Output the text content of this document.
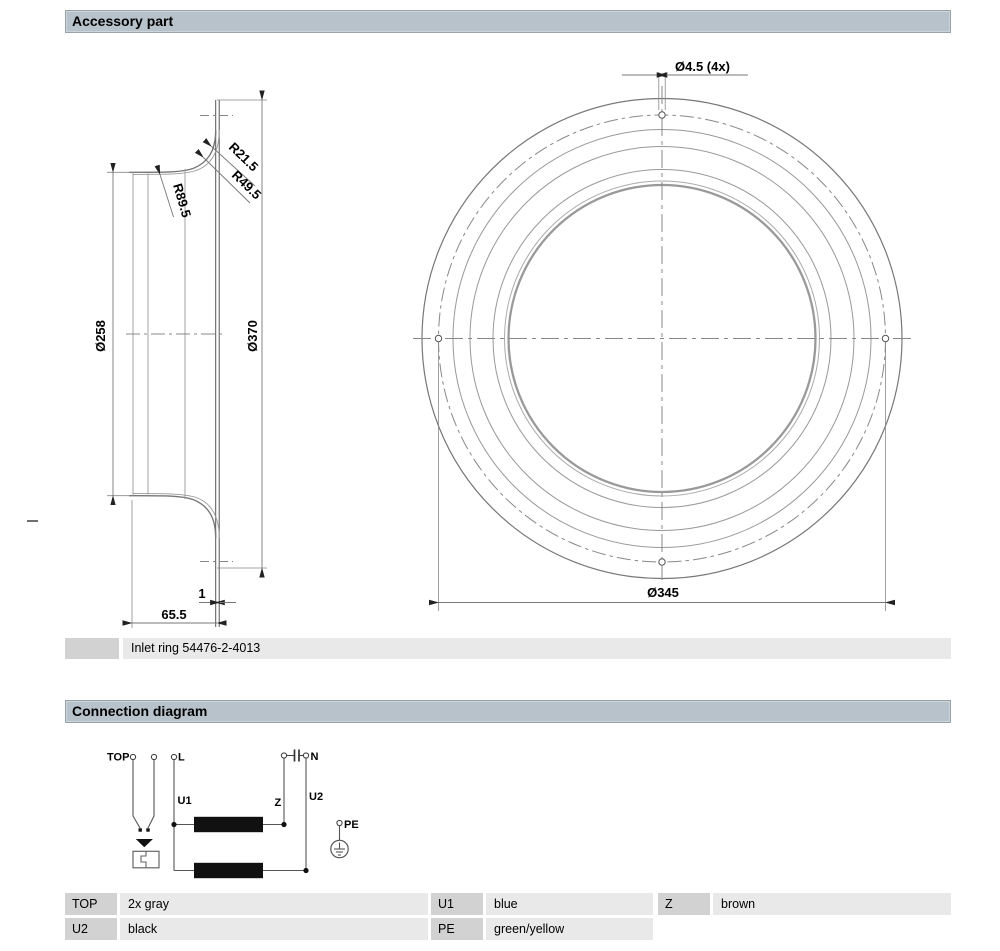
Accessory part
R21.5
R49.5
R89.5
Ø258	Ø370
65.5
1
Ø4.5 (4x)
Ø345
TOP	L	N
U1	Z	U2
PE
Inlet ring 54476-2-4013
Connection diagram
TOP	2x gray	U1	blue	Z	brown
U2	black	PE	green/yellow
